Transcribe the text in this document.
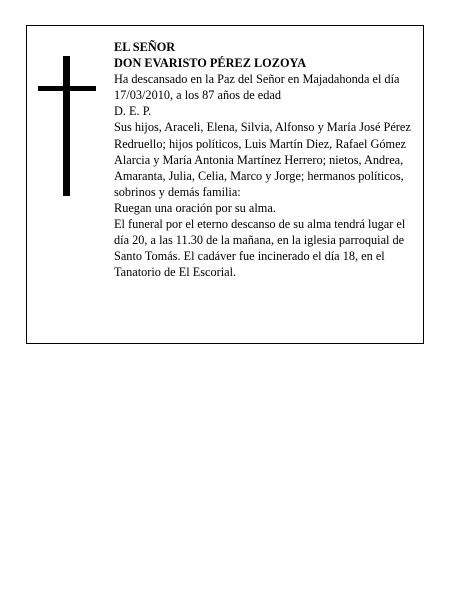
EL SEÑOR

DON EVARISTO PÉREZ LOZOYA

Ha descansado en la Paz del Señor en Majadahonda el día 17/03/2010, a los 87 años de edad

D. E. P.

Sus hijos, Araceli, Elena, Silvia, Alfonso y María José Pérez Redruello; hijos políticos, Luis Martín Diez, Rafael Gómez Alarcia y María Antonia Martínez Herrero; nietos, Andrea, Amaranta, Julia, Celia, Marco y Jorge; hermanos políticos, sobrinos y demás familia:

Ruegan una oración por su alma.

El funeral por el eterno descanso de su alma tendrá lugar el día 20, a las 11.30 de la mañana, en la iglesia parroquial de Santo Tomás. El cadáver fue incinerado el día 18, en el Tanatorio de El Escorial.
